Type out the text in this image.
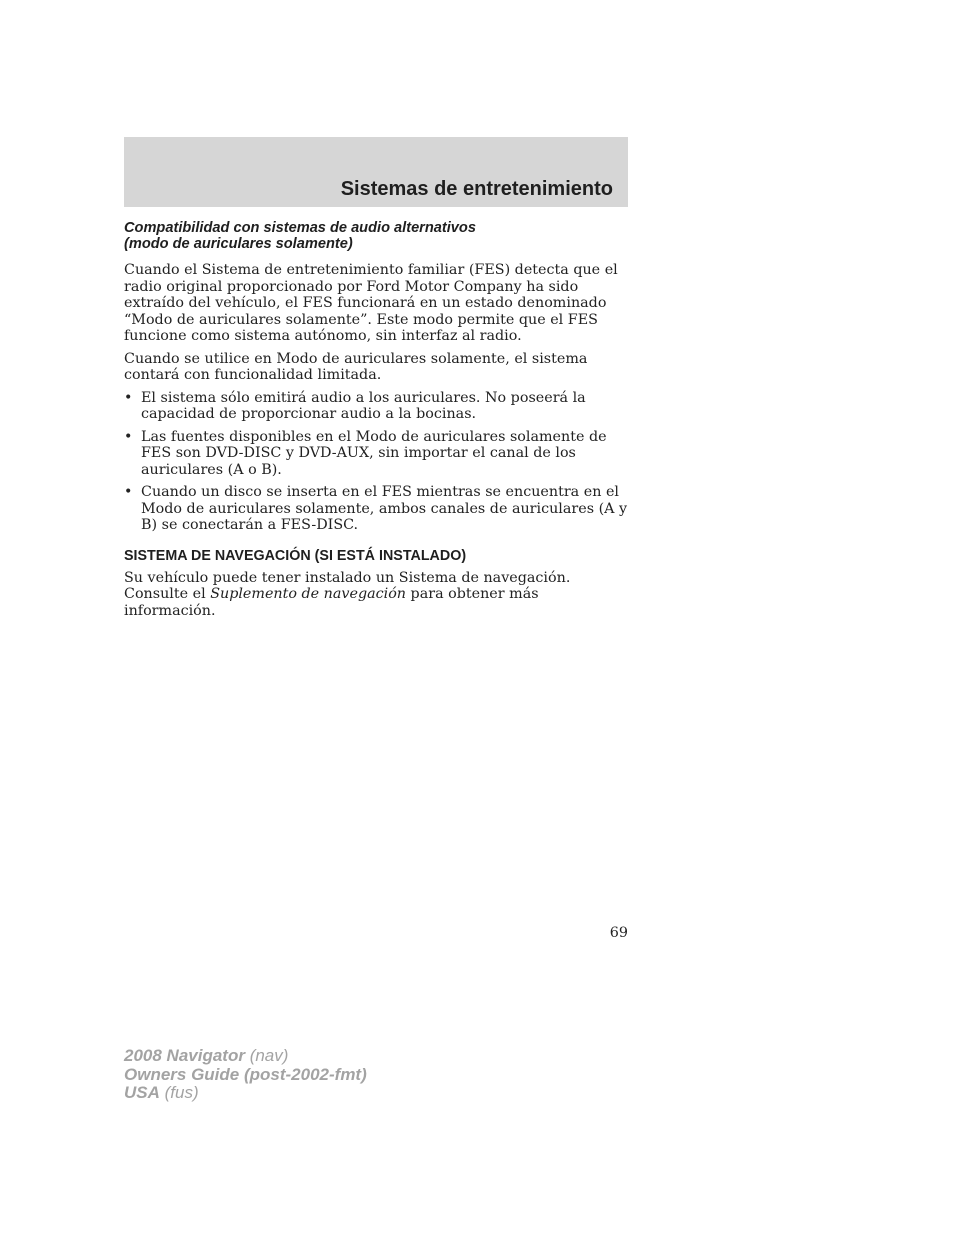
Sistemas de entretenimiento
Compatibilidad con sistemas de audio alternativos
(modo de auriculares solamente)

Cuando el Sistema de entretenimiento familiar (FES) detecta que el radio original proporcionado por Ford Motor Company ha sido extraído del vehículo, el FES funcionará en un estado denominado “Modo de auriculares solamente”. Este modo permite que el FES funcione como sistema autónomo, sin interfaz al radio.

Cuando se utilice en Modo de auriculares solamente, el sistema contará con funcionalidad limitada.

• El sistema sólo emitirá audio a los auriculares. No poseerá la capacidad de proporcionar audio a la bocinas.
• Las fuentes disponibles en el Modo de auriculares solamente de FES son DVD-DISC y DVD-AUX, sin importar el canal de los auriculares (A o B).
• Cuando un disco se inserta en el FES mientras se encuentra en el Modo de auriculares solamente, ambos canales de auriculares (A y B) se conectarán a FES-DISC.
SISTEMA DE NAVEGACIÓN (SI ESTÁ INSTALADO)

Su vehículo puede tener instalado un Sistema de navegación. Consulte el Suplemento de navegación para obtener más información.

69
2008 Navigator (nav)
Owners Guide (post-2002-fmt)
USA (fus)
